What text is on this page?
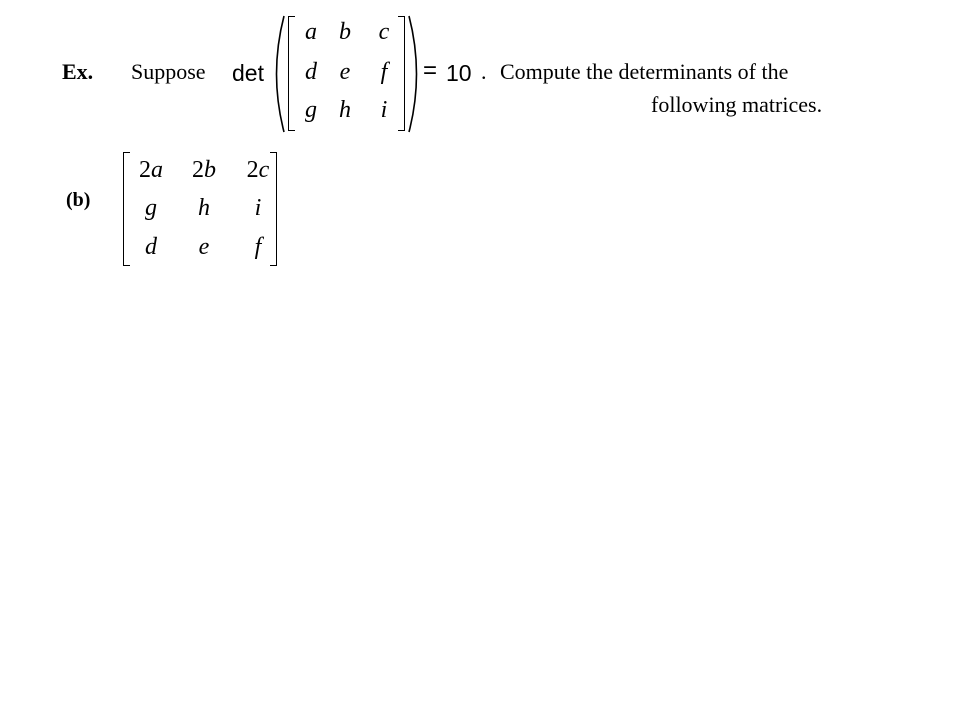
Ex. Suppose det
a b	c
d e	f
g h	i
= 10 . Compute the determinants of the
following matrices.
(b)
2a	2b	2c
g	h	i
d	e	f
